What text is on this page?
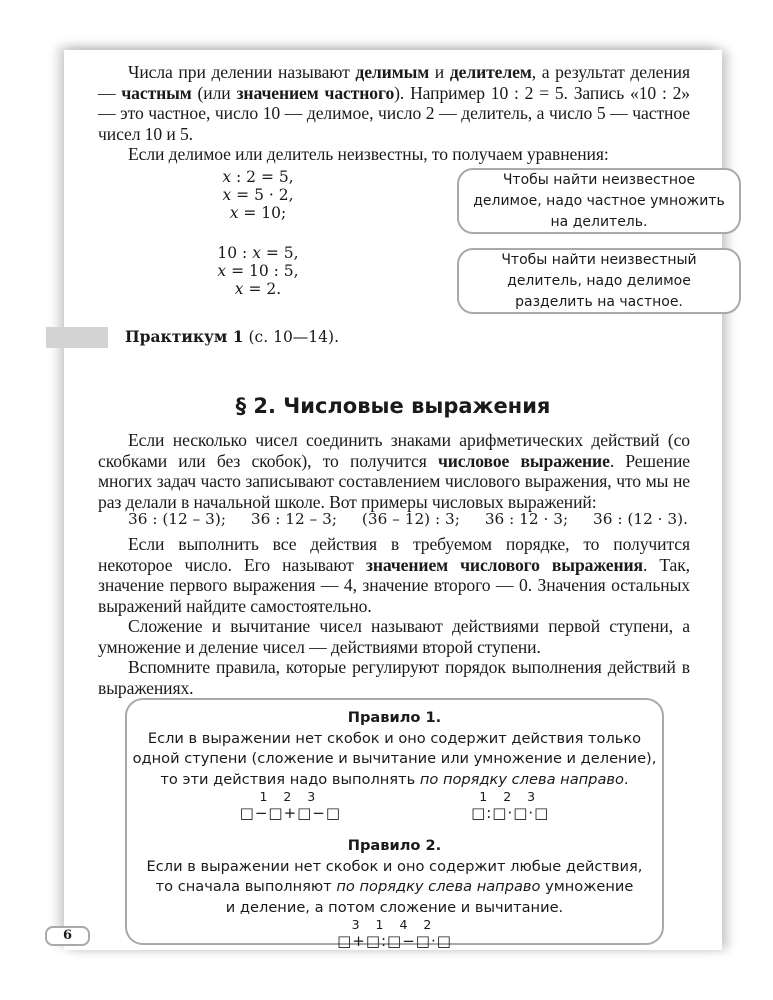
Числа при делении называют делимым и делителем, а результат деления — частным (или значением частного). Например 10 : 2 = 5. Запись «10 : 2» — это частное, число 10 — делимое, число 2 — делитель, а число 5 — частное чисел 10 и 5.

Если делимое или делитель неизвестны, то получаем уравнения:

x : 2 = 5,
x = 5 · 2,
x = 10;
10 : x = 5,
x = 10 : 5,
x = 2.
Чтобы найти неизвестное делимое, надо частное умножить на делитель.
Чтобы найти неизвестный делитель, надо делимое разделить на частное.
Практикум 1 (с. 10—14).
§ 2. Числовые выражения

Если несколько чисел соединить знаками арифметических действий (со скобками или без скобок), то получится числовое выражение. Решение многих задач часто записывают составлением числового выражения, что мы не раз делали в начальной школе. Вот примеры числовых выражений:

36 : (12 – 3); 36 : 12 – 3; (36 – 12) : 3; 36 : 12 · 3; 36 : (12 · 3).

Если выполнить все действия в требуемом порядке, то получится некоторое число. Его называют значением числового выражения. Так, значение первого выражения — 4, значение второго — 0. Значения остальных выражений найдите самостоятельно.

Сложение и вычитание чисел называют действиями первой ступени, а умножение и деление чисел — действиями второй ступени.

Вспомните правила, которые регулируют порядок выполнения действий в выражениях.

Правило 1.
Если в выражении нет скобок и оно содержит действия только
одной ступени (сложение и вычитание или умножение и деление),
то эти действия надо выполнять по порядку слева направо.
1 2 3
□−□+□−□
1 2 3
□:□·□·□
Правило 2.
Если в выражении нет скобок и оно содержит любые действия,
то сначала выполняют по порядку слева направо умножение
и деление, а потом сложение и вычитание.
3 1 4 2
□+□:□−□·□
6
